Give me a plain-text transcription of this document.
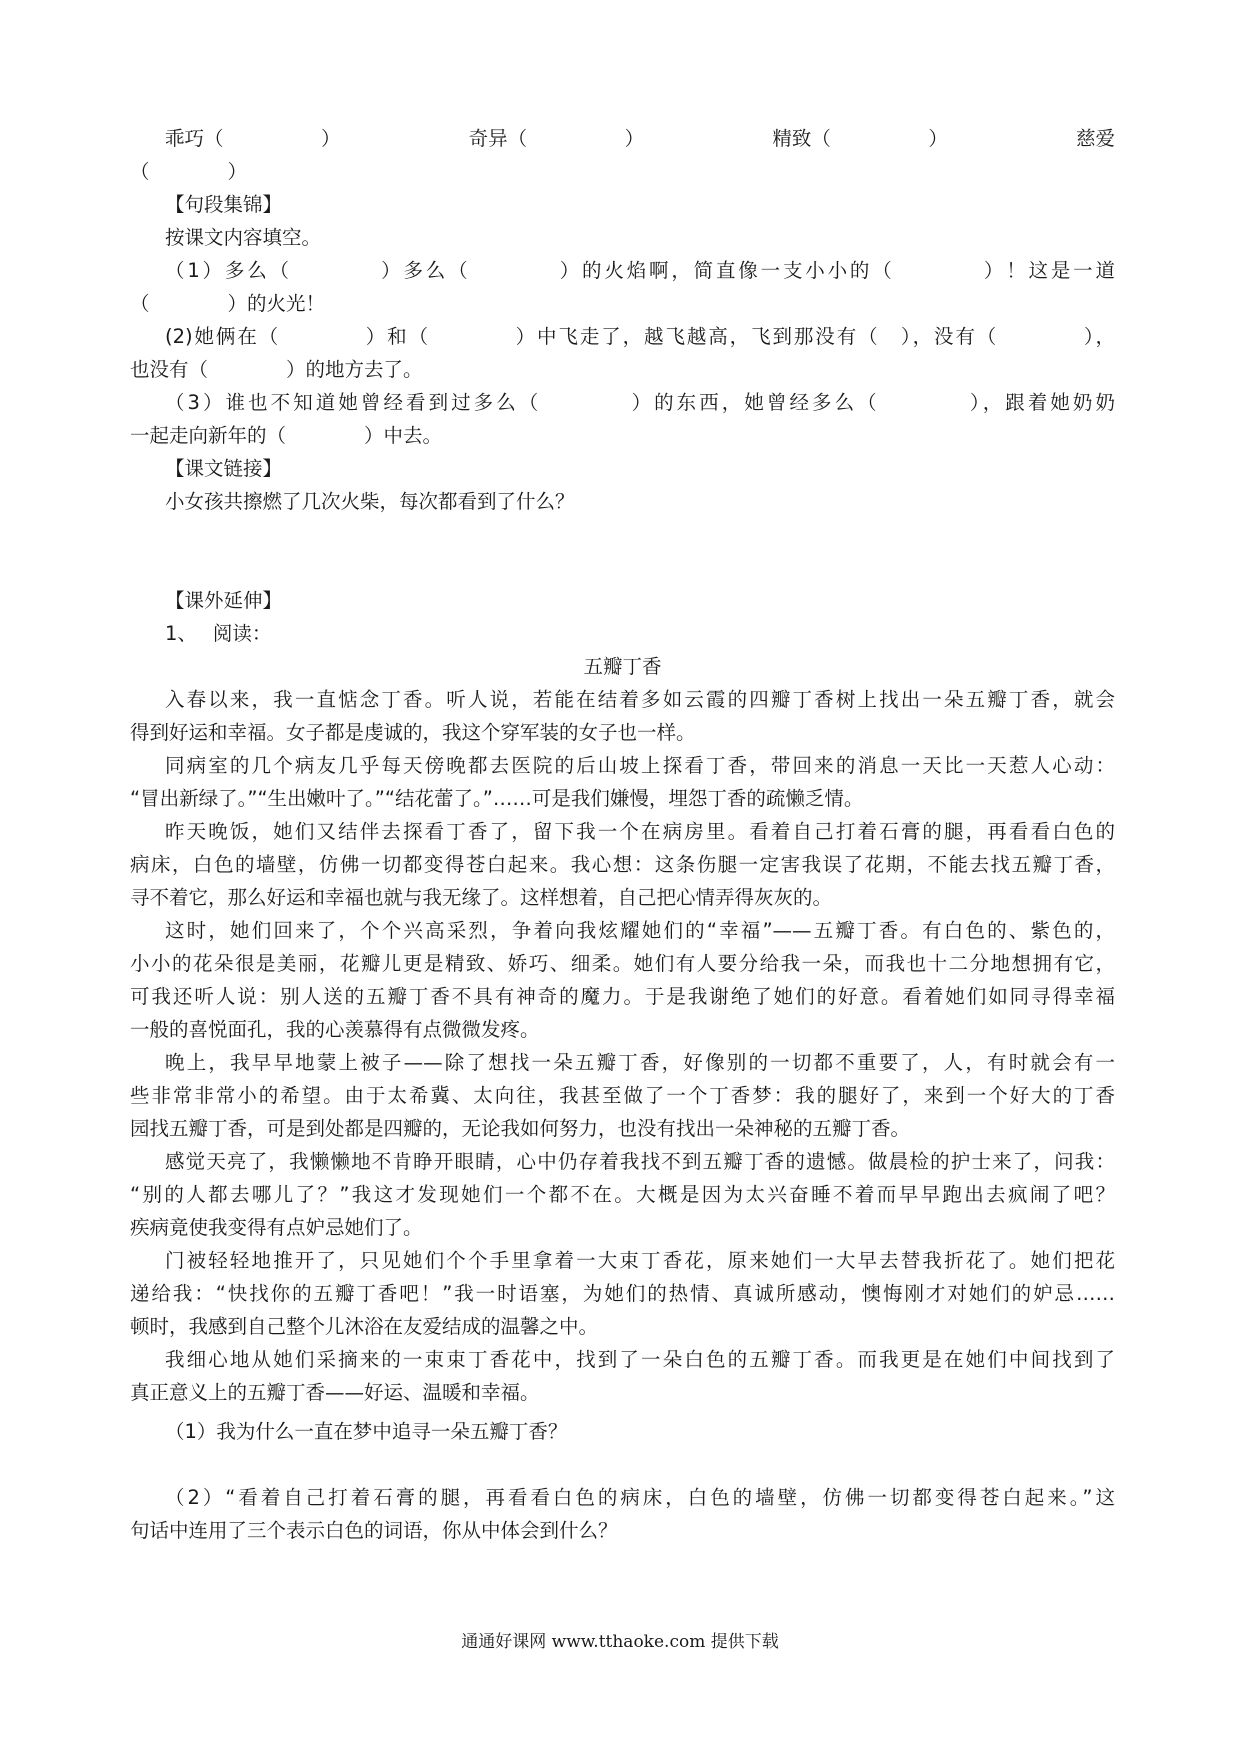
乖巧（　　　　　）	奇异（　　　　　）	精致（　　　　　）	慈爱
（　　　　）
【句段集锦】
按课文内容填空。
（1）多么（　　　　）多么（　　　　）的火焰啊，简直像一支小小的（　　　　）！这是一道
（　　　　）的火光！
(2)她俩在（　　　　）和（　　　　）中飞走了，越飞越高，飞到那没有（　），没有（　　　　），
也没有（　　　　）的地方去了。
（3）谁也不知道她曾经看到过多么（　　　　）的东西，她曾经多么（　　　　），跟着她奶奶
一起走向新年的（　　　　）中去。
【课文链接】
小女孩共擦燃了几次火柴，每次都看到了什么？
【课外延伸】
1、　 阅读：
五瓣丁香
入春以来，我一直惦念丁香。听人说，若能在结着多如云霞的四瓣丁香树上找出一朵五瓣丁香，就会
得到好运和幸福。女子都是虔诚的，我这个穿军装的女子也一样。
同病室的几个病友几乎每天傍晚都去医院的后山坡上探看丁香，带回来的消息一天比一天惹人心动：
“冒出新绿了。”“生出嫩叶了。”“结花蕾了。”……可是我们嫌慢，埋怨丁香的疏懒乏情。
昨天晚饭，她们又结伴去探看丁香了，留下我一个在病房里。看着自己打着石膏的腿，再看看白色的
病床，白色的墙壁，仿佛一切都变得苍白起来。我心想：这条伤腿一定害我误了花期，不能去找五瓣丁香，
寻不着它，那么好运和幸福也就与我无缘了。这样想着，自己把心情弄得灰灰的。
这时，她们回来了，个个兴高采烈，争着向我炫耀她们的“幸福”——五瓣丁香。有白色的、紫色的，
小小的花朵很是美丽，花瓣儿更是精致、娇巧、细柔。她们有人要分给我一朵，而我也十二分地想拥有它，
可我还听人说：别人送的五瓣丁香不具有神奇的魔力。于是我谢绝了她们的好意。看着她们如同寻得幸福
一般的喜悦面孔，我的心羡慕得有点微微发疼。
晚上，我早早地蒙上被子——除了想找一朵五瓣丁香，好像别的一切都不重要了，人，有时就会有一
些非常非常小的希望。由于太希冀、太向往，我甚至做了一个丁香梦：我的腿好了，来到一个好大的丁香
园找五瓣丁香，可是到处都是四瓣的，无论我如何努力，也没有找出一朵神秘的五瓣丁香。
感觉天亮了，我懒懒地不肯睁开眼睛，心中仍存着我找不到五瓣丁香的遗憾。做晨检的护士来了，问我：
“别的人都去哪儿了？”我这才发现她们一个都不在。大概是因为太兴奋睡不着而早早跑出去疯闹了吧？
疾病竟使我变得有点妒忌她们了。
门被轻轻地推开了，只见她们个个手里拿着一大束丁香花，原来她们一大早去替我折花了。她们把花
递给我：“快找你的五瓣丁香吧！”我一时语塞，为她们的热情、真诚所感动，懊悔刚才对她们的妒忌……
顿时，我感到自己整个儿沐浴在友爱结成的温馨之中。
我细心地从她们采摘来的一束束丁香花中，找到了一朵白色的五瓣丁香。而我更是在她们中间找到了
真正意义上的五瓣丁香——好运、温暖和幸福。
（1）我为什么一直在梦中追寻一朵五瓣丁香？
（2）“看着自己打着石膏的腿，再看看白色的病床，白色的墙壁，仿佛一切都变得苍白起来。”这
句话中连用了三个表示白色的词语，你从中体会到什么？
通通好课网 www.tthaoke.com 提供下载
